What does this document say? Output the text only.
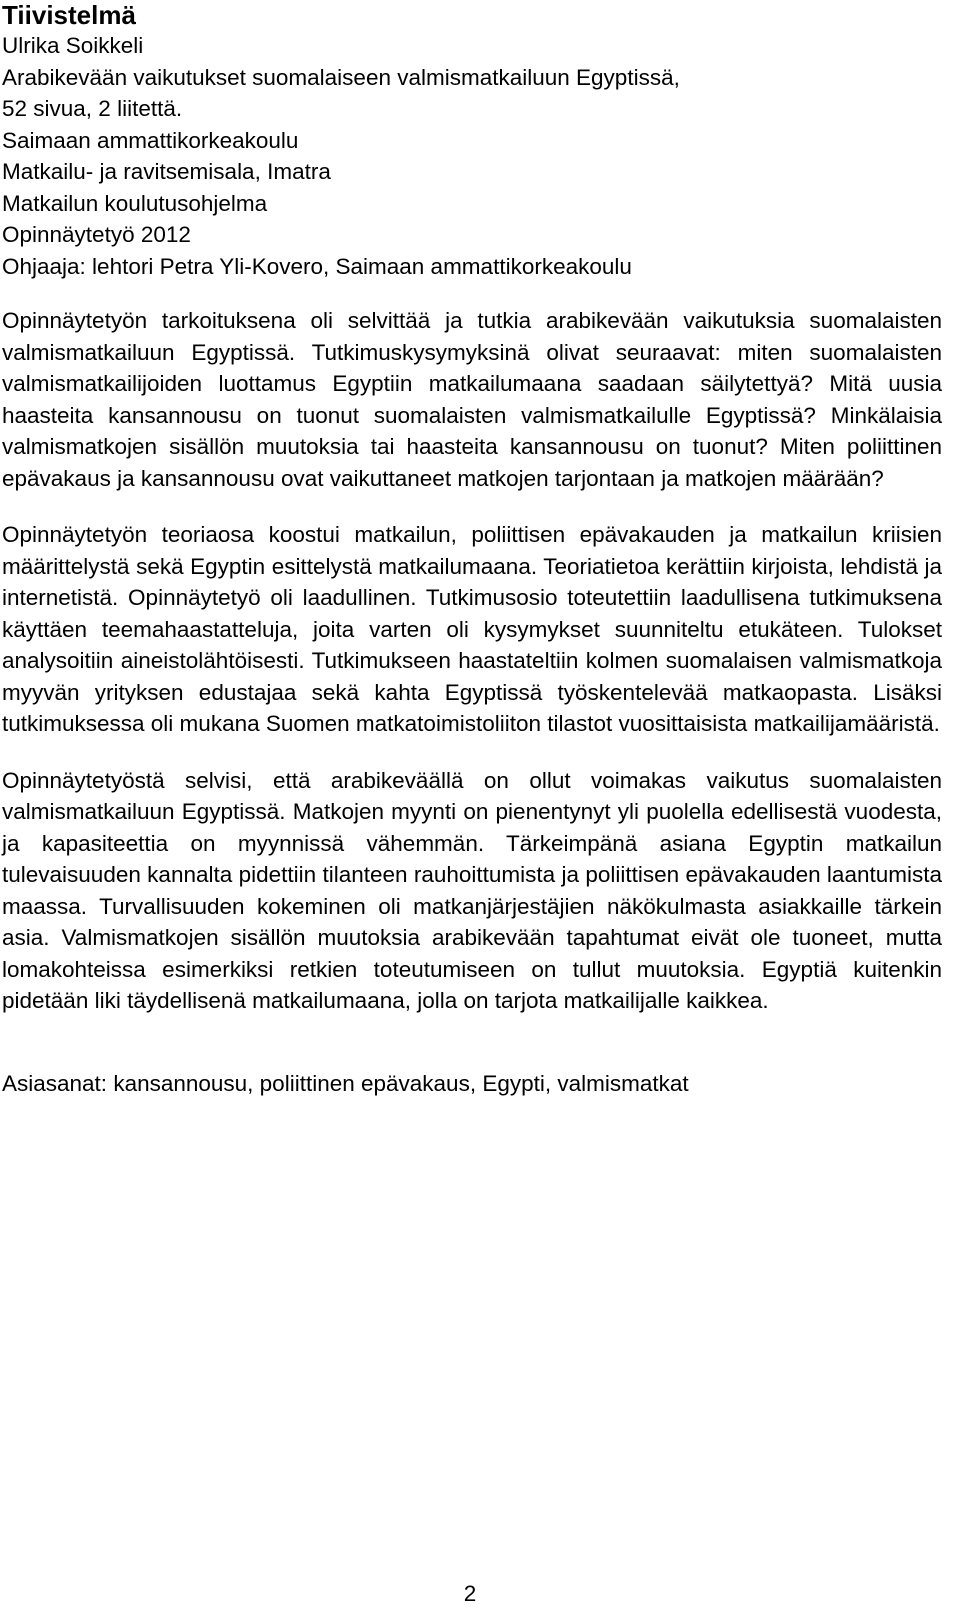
Tiivistelmä
Ulrika Soikkeli
Arabikevään vaikutukset suomalaiseen valmismatkailuun Egyptissä,
52 sivua, 2 liitettä.
Saimaan ammattikorkeakoulu
Matkailu- ja ravitsemisala, Imatra
Matkailun koulutusohjelma
Opinnäytetyö 2012
Ohjaaja: lehtori Petra Yli-Kovero, Saimaan ammattikorkeakoulu

Opinnäytetyön tarkoituksena oli selvittää ja tutkia arabikevään vaikutuksia suomalaisten valmismatkailuun Egyptissä. Tutkimuskysymyksinä olivat seuraavat: miten suomalaisten valmismatkailijoiden luottamus Egyptiin matkailumaana saadaan säilytettyä? Mitä uusia haasteita kansannousu on tuonut suomalaisten valmismatkailulle Egyptissä? Minkälaisia valmismatkojen sisällön muutoksia tai haasteita kansannousu on tuonut? Miten poliittinen epävakaus ja kansannousu ovat vaikuttaneet matkojen tarjontaan ja matkojen määrään?

Opinnäytetyön teoriaosa koostui matkailun, poliittisen epävakauden ja matkailun kriisien määrittelystä sekä Egyptin esittelystä matkailumaana. Teoriatietoa kerättiin kirjoista, lehdistä ja internetistä. Opinnäytetyö oli laadullinen. Tutkimusosio toteutettiin laadullisena tutkimuksena käyttäen teemahaastatteluja, joita varten oli kysymykset suunniteltu etukäteen. Tulokset analysoitiin aineistolähtöisesti. Tutkimukseen haastateltiin kolmen suomalaisen valmismatkoja myyvän yrityksen edustajaa sekä kahta Egyptissä työskentelevää matkaopasta. Lisäksi tutkimuksessa oli mukana Suomen matkatoimistoliiton tilastot vuosittaisista matkailijamääristä.

Opinnäytetyöstä selvisi, että arabikeväällä on ollut voimakas vaikutus suomalaisten valmismatkailuun Egyptissä. Matkojen myynti on pienentynyt yli puolella edellisestä vuodesta, ja kapasiteettia on myynnissä vähemmän. Tärkeimpänä asiana Egyptin matkailun tulevaisuuden kannalta pidettiin tilanteen rauhoittumista ja poliittisen epävakauden laantumista maassa. Turvallisuuden kokeminen oli matkanjärjestäjien näkökulmasta asiakkaille tärkein asia. Valmismatkojen sisällön muutoksia arabikevään tapahtumat eivät ole tuoneet, mutta lomakohteissa esimerkiksi retkien toteutumiseen on tullut muutoksia. Egyptiä kuitenkin pidetään liki täydellisenä matkailumaana, jolla on tarjota matkailijalle kaikkea.

Asiasanat: kansannousu, poliittinen epävakaus, Egypti, valmismatkat
2
